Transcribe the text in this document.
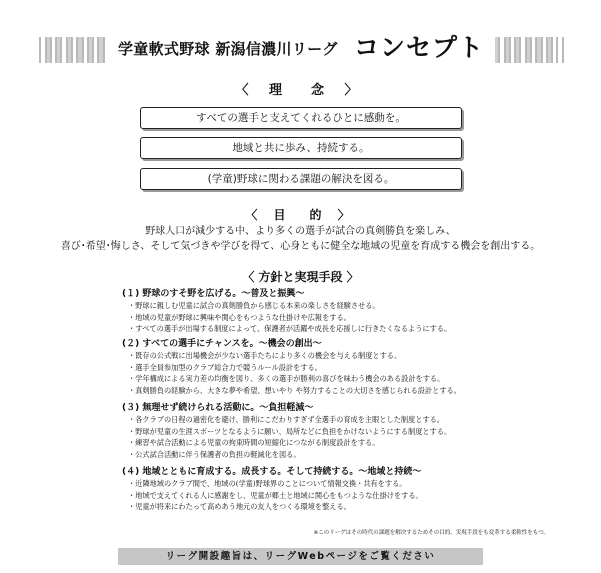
学童軟式野球 新潟信濃川リーグ コンセプト
〈 理　念 〉
すべての選手と支えてくれるひとに感動を。
地域と共に歩み、持続する。
(学童)野球に関わる課題の解決を図る。
〈 目　的 〉
野球人口が減少する中、より多くの選手が試合の真剣勝負を楽しみ、
喜び･希望･悔しさ、そして気づきや学びを得て、心身ともに健全な地域の児童を育成する機会を創出する。
〈 方針と実現手段 〉
(１) 野球のすそ野を広げる。～普及と振興～
・野球に親しむ児童に試合の真剣勝負から感じる本来の楽しさを経験させる。
・地域の児童が野球に興味や関心をもつような仕掛けや広報をする。
・すべての選手が出場する制度によって、保護者が活躍や成長を応援しに行きたくなるようにする。
(２) すべての選手にチャンスを。～機会の創出～
・既存の公式戦に出場機会が少ない選手たちにより多くの機会を与える制度とする。
・選手全員参加型のクラブ総合力で競うルール設計をする。
・学年構成による実力差の均衡を図り、多くの選手が勝利の喜びを味わう機会のある設計をする。
・真剣勝負の経験から、大きな夢や希望、想いやり や努力することの大切さを感じられる設計とする。
(３) 無理せず続けられる活動に。～負担軽減～
・各クラブの日程の過密化を避け、勝利にこだわりすぎず全選手の育成を主眼とした制度とする。
・野球が児童の生涯スポーツとなるように願い、局所などに負担をかけないようにする制度とする。
・練習や試合活動による児童の拘束時間の短縮化につながる制度設計をする。
・公式試合活動に伴う保護者の負担の軽減化を図る。
(４) 地域とともに育成する。成長する。そして持続する。～地域と持続～
・近隣地域のクラブ間で、地域の(学童)野球界のことについて情報交換・共有をする。
・地域で支えてくれる人に感謝をし、児童が郷土と地域に関心をもつような仕掛けをする。
・児童が将来にわたって高めあう地元の友人をつくる環境を整える。
※このリーグはその時代の課題を解決するためその目的、実現手段をも変革する柔軟性をもつ。
リーグ開設趣旨は、リーグWebページをご覧ください
